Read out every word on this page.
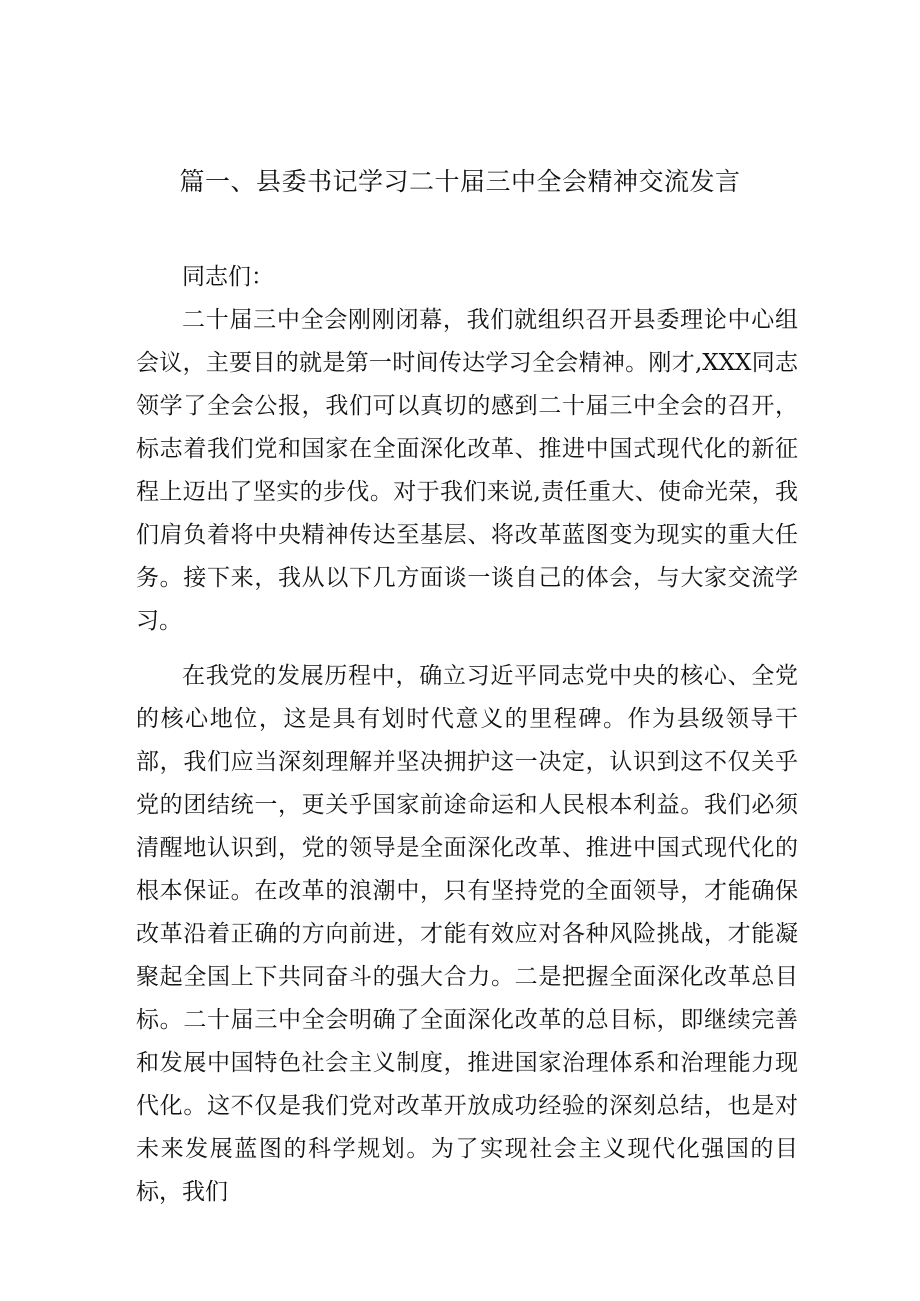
篇一、县委书记学习二十届三中全会精神交流发言

同志们：

二十届三中全会刚刚闭幕，我们就组织召开县委理论中心组会议，主要目的就是第一时间传达学习全会精神。刚才,XXX同志领学了全会公报，我们可以真切的感到二十届三中全会的召开，标志着我们党和国家在全面深化改革、推进中国式现代化的新征程上迈出了坚实的步伐。对于我们来说,责任重大、使命光荣，我们肩负着将中央精神传达至基层、将改革蓝图变为现实的重大任务。接下来，我从以下几方面谈一谈自己的体会，与大家交流学习。

在我党的发展历程中，确立习近平同志党中央的核心、全党的核心地位，这是具有划时代意义的里程碑。作为县级领导干部，我们应当深刻理解并坚决拥护这一决定，认识到这不仅关乎党的团结统一，更关乎国家前途命运和人民根本利益。我们必须清醒地认识到，党的领导是全面深化改革、推进中国式现代化的根本保证。在改革的浪潮中，只有坚持党的全面领导，才能确保改革沿着正确的方向前进，才能有效应对各种风险挑战，才能凝聚起全国上下共同奋斗的强大合力。二是把握全面深化改革总目标。二十届三中全会明确了全面深化改革的总目标，即继续完善和发展中国特色社会主义制度，推进国家治理体系和治理能力现代化。这不仅是我们党对改革开放成功经验的深刻总结，也是对未来发展蓝图的科学规划。为了实现社会主义现代化强国的目标，我们
